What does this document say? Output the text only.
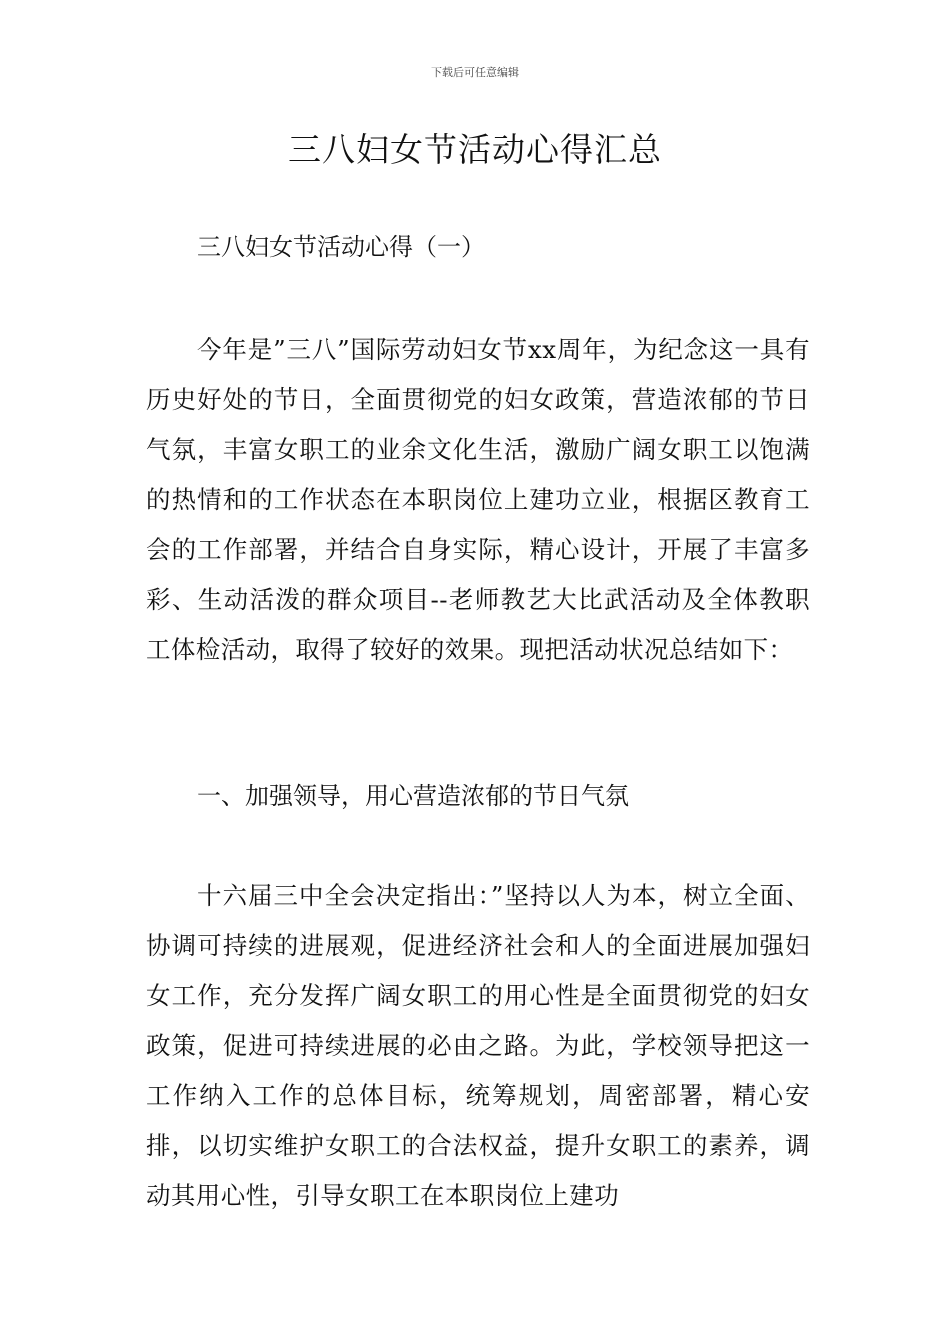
下载后可任意编辑
三八妇女节活动心得汇总
三八妇女节活动心得（一）

今年是”三八”国际劳动妇女节xx周年，为纪念这一具有历史好处的节日，全面贯彻党的妇女政策，营造浓郁的节日气氛，丰富女职工的业余文化生活，激励广阔女职工以饱满的热情和的工作状态在本职岗位上建功立业，根据区教育工会的工作部署，并结合自身实际，精心设计，开展了丰富多彩、生动活泼的群众项目--老师教艺大比武活动及全体教职工体检活动，取得了较好的效果。现把活动状况总结如下：

一、加强领导，用心营造浓郁的节日气氛

十六届三中全会决定指出：”坚持以人为本，树立全面、协调可持续的进展观，促进经济社会和人的全面进展加强妇女工作，充分发挥广阔女职工的用心性是全面贯彻党的妇女政策，促进可持续进展的必由之路。为此，学校领导把这一工作纳入工作的总体目标，统筹规划，周密部署，精心安排，以切实维护女职工的合法权益，提升女职工的素养，调动其用心性，引导女职工在本职岗位上建功
